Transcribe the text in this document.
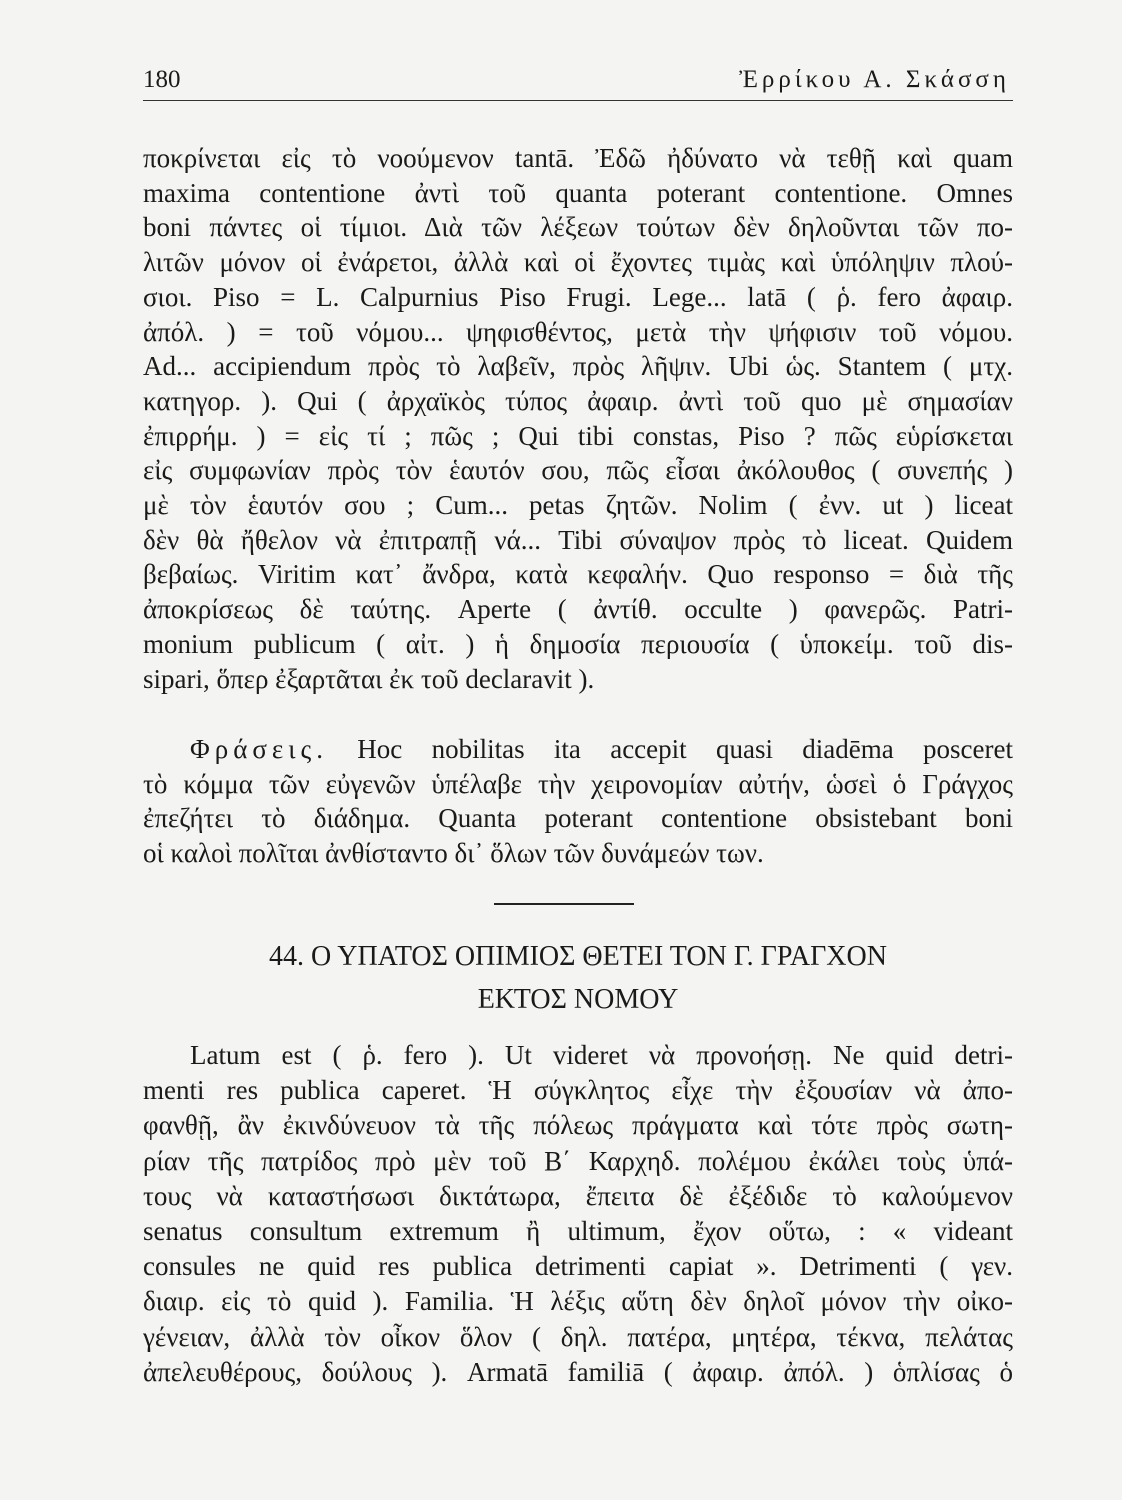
180	Ἐρρίκου Α. Σκάσση
ποκρίνεται εἰς τὸ νοούμενον tantā. Ἐδῶ ἠδύνατο νὰ τεθῇ καὶ quam
maxima contentione ἀντὶ τοῦ quanta poterant contentione. Omnes
boni πάντες οἱ τίμιοι. Διὰ τῶν λέξεων τούτων δὲν δηλοῦνται τῶν πο-
λιτῶν μόνον οἱ ἐνάρετοι, ἀλλὰ καὶ οἱ ἔχοντες τιμὰς καὶ ὑπόληψιν πλού-
σιοι. Piso = L. Calpurnius Piso Frugi. Lege... latā ( ῥ. fero ἀφαιρ.
ἀπόλ. ) = τοῦ νόμου... ψηφισθέντος, μετὰ τὴν ψήφισιν τοῦ νόμου.
Ad... accipiendum πρὸς τὸ λαβεῖν, πρὸς λῆψιν. Ubi ὡς. Stantem ( μτχ.
κατηγορ. ). Qui ( ἀρχαϊκὸς τύπος ἀφαιρ. ἀντὶ τοῦ quo μὲ σημασίαν
ἐπιρρήμ. ) = εἰς τί ; πῶς ; Qui tibi constas, Piso ? πῶς εὑρίσκεται
εἰς συμφωνίαν πρὸς τὸν ἑαυτόν σου, πῶς εἶσαι ἀκόλουθος ( συνεπής )
μὲ τὸν ἑαυτόν σου ; Cum... petas ζητῶν. Nolim ( ἐνν. ut ) liceat
δὲν θὰ ἤθελον νὰ ἐπιτραπῇ νά... Tibi σύναψον πρὸς τὸ liceat. Quidem
βεβαίως. Viritim κατ᾽ ἄνδρα, κατὰ κεφαλήν. Quo responso = διὰ τῆς
ἀποκρίσεως δὲ ταύτης. Aperte ( ἀντίθ. occulte ) φανερῶς. Patri-
monium publicum ( αἰτ. ) ἡ δημοσία περιουσία ( ὑποκείμ. τοῦ dis-
sipari, ὅπερ ἐξαρτᾶται ἐκ τοῦ declaravit ).
Φράσεις. Hoc nobilitas ita accepit quasi diadēma posceret
τὸ κόμμα τῶν εὐγενῶν ὑπέλαβε τὴν χειρονομίαν αὐτήν, ὡσεὶ ὁ Γράγχος
ἐπεζήτει τὸ διάδημα. Quanta poterant contentione obsistebant boni
οἱ καλοὶ πολῖται ἀνθίσταντο δι᾽ ὅλων τῶν δυνάμεών των.
44. Ο ΥΠΑΤΟΣ ΟΠΙΜΙΟΣ ΘΕΤΕΙ ΤΟΝ Γ. ΓΡΑΓΧΟΝ
ΕΚΤΟΣ ΝΟΜΟΥ
Latum est ( ῥ. fero ). Ut videret νὰ προνοήσῃ. Ne quid detri-
menti res publica caperet. Ἡ σύγκλητος εἶχε τὴν ἐξουσίαν νὰ ἀπο-
φανθῇ, ἂν ἐκινδύνευον τὰ τῆς πόλεως πράγματα καὶ τότε πρὸς σωτη-
ρίαν τῆς πατρίδος πρὸ μὲν τοῦ Β΄ Καρχηδ. πολέμου ἐκάλει τοὺς ὑπά-
τους νὰ καταστήσωσι δικτάτωρα, ἔπειτα δὲ ἐξέδιδε τὸ καλούμενον
senatus consultum extremum ἢ ultimum, ἔχον οὕτω, : « videant
consules ne quid res publica detrimenti capiat ». Detrimenti ( γεν.
διαιρ. εἰς τὸ quid ). Familia. Ἡ λέξις αὕτη δὲν δηλοῖ μόνον τὴν οἰκο-
γένειαν, ἀλλὰ τὸν οἶκον ὅλον ( δηλ. πατέρα, μητέρα, τέκνα, πελάτας
ἀπελευθέρους, δούλους ). Armatā familiā ( ἀφαιρ. ἀπόλ. ) ὁπλίσας ὁ
